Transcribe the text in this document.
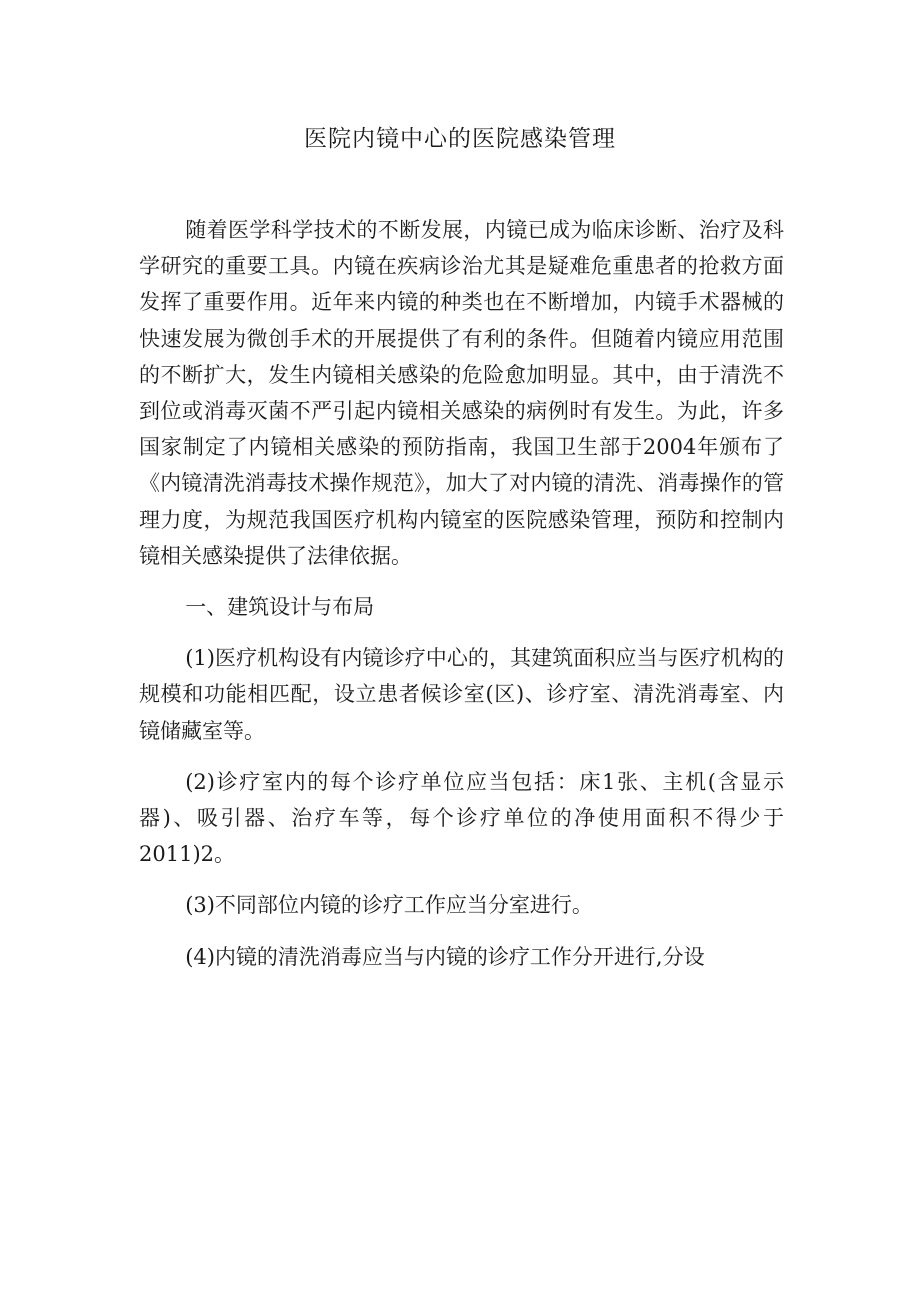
医院内镜中心的医院感染管理

随着医学科学技术的不断发展，内镜已成为临床诊断、治疗及科学研究的重要工具。内镜在疾病诊治尤其是疑难危重患者的抢救方面发挥了重要作用。近年来内镜的种类也在不断增加，内镜手术器械的快速发展为微创手术的开展提供了有利的条件。但随着内镜应用范围的不断扩大，发生内镜相关感染的危险愈加明显。其中，由于清洗不到位或消毒灭菌不严引起内镜相关感染的病例时有发生。为此，许多国家制定了内镜相关感染的预防指南，我国卫生部于2004年颁布了《内镜清洗消毒技术操作规范》，加大了对内镜的清洗、消毒操作的管理力度，为规范我国医疗机构内镜室的医院感染管理，预防和控制内镜相关感染提供了法律依据。

一、建筑设计与布局

(1)医疗机构设有内镜诊疗中心的，其建筑面积应当与医疗机构的规模和功能相匹配，设立患者候诊室(区)、诊疗室、清洗消毒室、内镜储藏室等。

(2)诊疗室内的每个诊疗单位应当包括：床1张、主机(含显示器)、吸引器、治疗车等，每个诊疗单位的净使用面积不得少于2011)2。

(3)不同部位内镜的诊疗工作应当分室进行。

(4)内镜的清洗消毒应当与内镜的诊疗工作分开进行,分设
